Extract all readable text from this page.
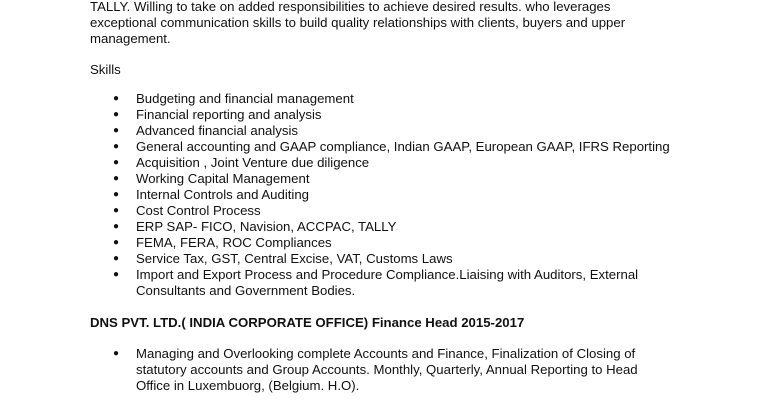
TALLY. Willing to take on added responsibilities to achieve desired results. who leverages
exceptional communication skills to build quality relationships with clients, buyers and upper
management.
Skills
●	Budgeting and financial management
●	Financial reporting and analysis
●	Advanced financial analysis
●	General accounting and GAAP compliance, Indian GAAP, European GAAP, IFRS Reporting
●	Acquisition , Joint Venture due diligence
●	Working Capital Management
●	Internal Controls and Auditing
●	Cost Control Process
●	ERP SAP- FICO, Navision, ACCPAC, TALLY
●	FEMA, FERA, ROC Compliances
●	Service Tax, GST, Central Excise, VAT, Customs Laws
●	Import and Export Process and Procedure Compliance.Liaising with Auditors, External
Consultants and Government Bodies.
DNS PVT. LTD.( INDIA CORPORATE OFFICE) Finance Head 2015-2017
●	Managing and Overlooking complete Accounts and Finance, Finalization of Closing of
statutory accounts and Group Accounts. Monthly, Quarterly, Annual Reporting to Head
Office in Luxembuorg, (Belgium. H.O).
